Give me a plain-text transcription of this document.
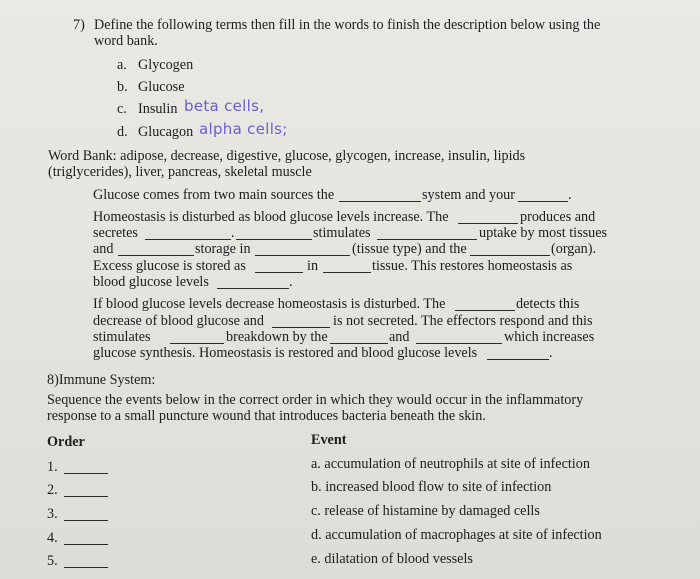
7) Define the following terms then fill in the words to finish the description below using the
word bank.
a. Glycogen
b. Glucose
c. Insulin beta cells,
d. Glucagon alpha cells;
Word Bank: adipose, decrease, digestive, glucose, glycogen, increase, insulin, lipids
(triglycerides), liver, pancreas, skeletal muscle
Glucose comes from two main sources the	system and your	.
Homeostasis is disturbed as blood glucose levels increase. The	produces and
secretes	.	stimulates	uptake by most tissues
and	storage in	(tissue type) and the	(organ).
Excess glucose is stored as	in	tissue. This restores homeostasis as
blood glucose levels	.
If blood glucose levels decrease homeostasis is disturbed. The	detects this
decrease of blood glucose and	is not secreted. The effectors respond and this
stimulates	breakdown by the	and	which increases
glucose synthesis. Homeostasis is restored and blood glucose levels	.
8)Immune System:
Sequence the events below in the correct order in which they would occur in the inflammatory
response to a small puncture wound that introduces bacteria beneath the skin.
Order	Event
1.
2.
3.
4.
5.
a. accumulation of neutrophils at site of infection
b. increased blood flow to site of infection
c. release of histamine by damaged cells
d. accumulation of macrophages at site of infection
e. dilatation of blood vessels
